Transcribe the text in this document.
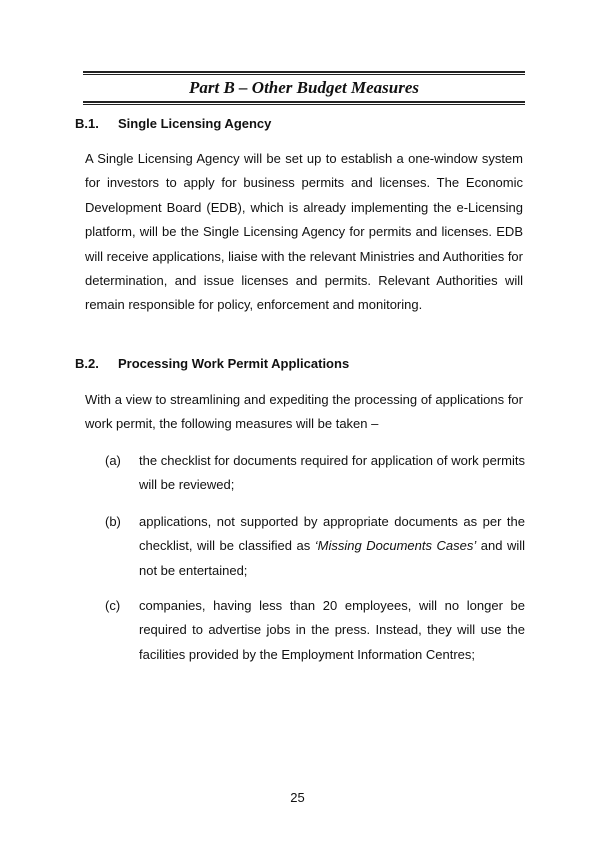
Part B – Other Budget Measures
B.1. Single Licensing Agency
A Single Licensing Agency will be set up to establish a one-window system for investors to apply for business permits and licenses. The Economic Development Board (EDB), which is already implementing the e-Licensing platform, will be the Single Licensing Agency for permits and licenses. EDB will receive applications, liaise with the relevant Ministries and Authorities for determination, and issue licenses and permits. Relevant Authorities will remain responsible for policy, enforcement and monitoring.
B.2. Processing Work Permit Applications
With a view to streamlining and expediting the processing of applications for work permit, the following measures will be taken –
(a)	the checklist for documents required for application of work permits will be reviewed;
(b)	applications, not supported by appropriate documents as per the checklist, will be classified as ‘Missing Documents Cases’ and will not be entertained;
(c)	companies, having less than 20 employees, will no longer be required to advertise jobs in the press. Instead, they will use the facilities provided by the Employment Information Centres;
25
